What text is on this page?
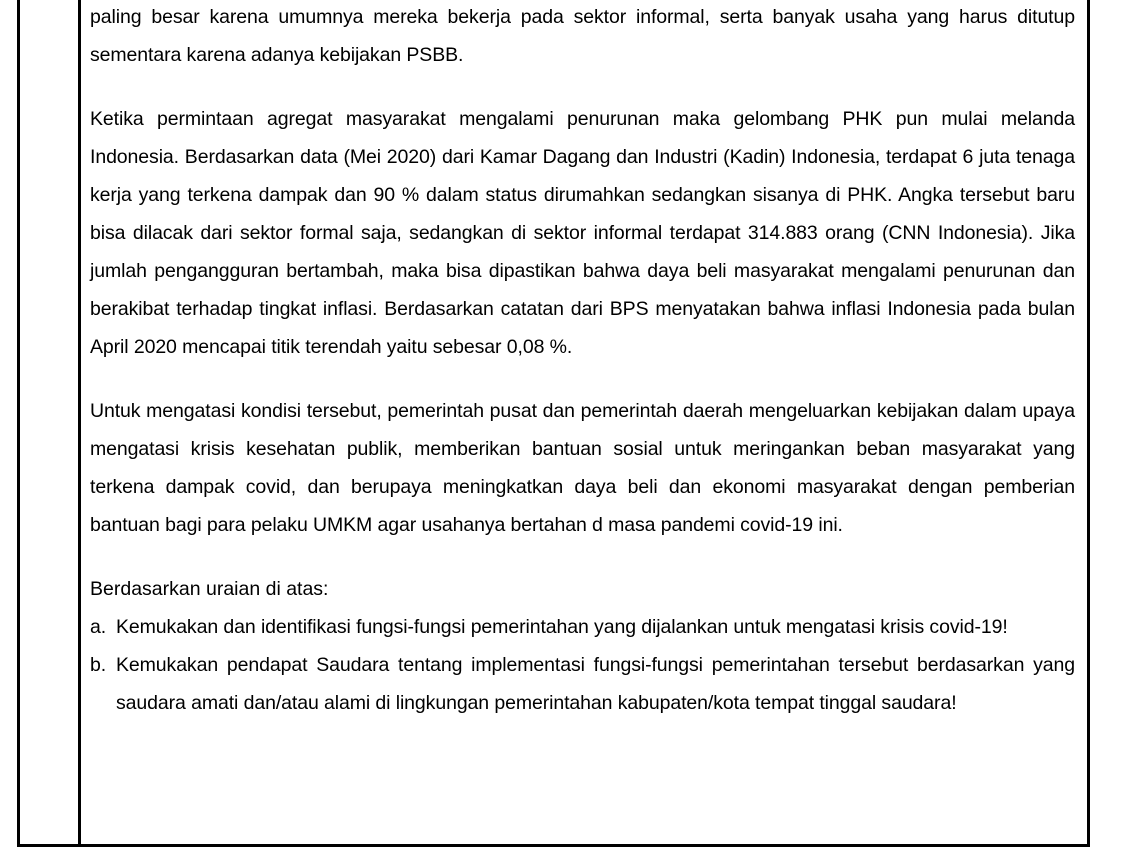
paling besar karena umumnya mereka bekerja pada sektor informal, serta banyak usaha yang harus ditutup sementara karena adanya kebijakan PSBB.

Ketika permintaan agregat masyarakat mengalami penurunan maka gelombang PHK pun mulai melanda Indonesia. Berdasarkan data (Mei 2020) dari Kamar Dagang dan Industri (Kadin) Indonesia, terdapat 6 juta tenaga kerja yang terkena dampak dan 90 % dalam status dirumahkan sedangkan sisanya di PHK. Angka tersebut baru bisa dilacak dari sektor formal saja, sedangkan di sektor informal terdapat 314.883 orang (CNN Indonesia). Jika jumlah pengangguran bertambah, maka bisa dipastikan bahwa daya beli masyarakat mengalami penurunan dan berakibat terhadap tingkat inflasi. Berdasarkan catatan dari BPS menyatakan bahwa inflasi Indonesia pada bulan April 2020 mencapai titik terendah yaitu sebesar 0,08 %.

Untuk mengatasi kondisi tersebut, pemerintah pusat dan pemerintah daerah mengeluarkan kebijakan dalam upaya mengatasi krisis kesehatan publik, memberikan bantuan sosial untuk meringankan beban masyarakat yang terkena dampak covid, dan berupaya meningkatkan daya beli dan ekonomi masyarakat dengan pemberian bantuan bagi para pelaku UMKM agar usahanya bertahan d masa pandemi covid-19 ini.

Berdasarkan uraian di atas:

a. Kemukakan dan identifikasi fungsi-fungsi pemerintahan yang dijalankan untuk mengatasi krisis covid-19!
b. Kemukakan pendapat Saudara tentang implementasi fungsi-fungsi pemerintahan tersebut berdasarkan yang saudara amati dan/atau alami di lingkungan pemerintahan kabupaten/kota tempat tinggal saudara!
